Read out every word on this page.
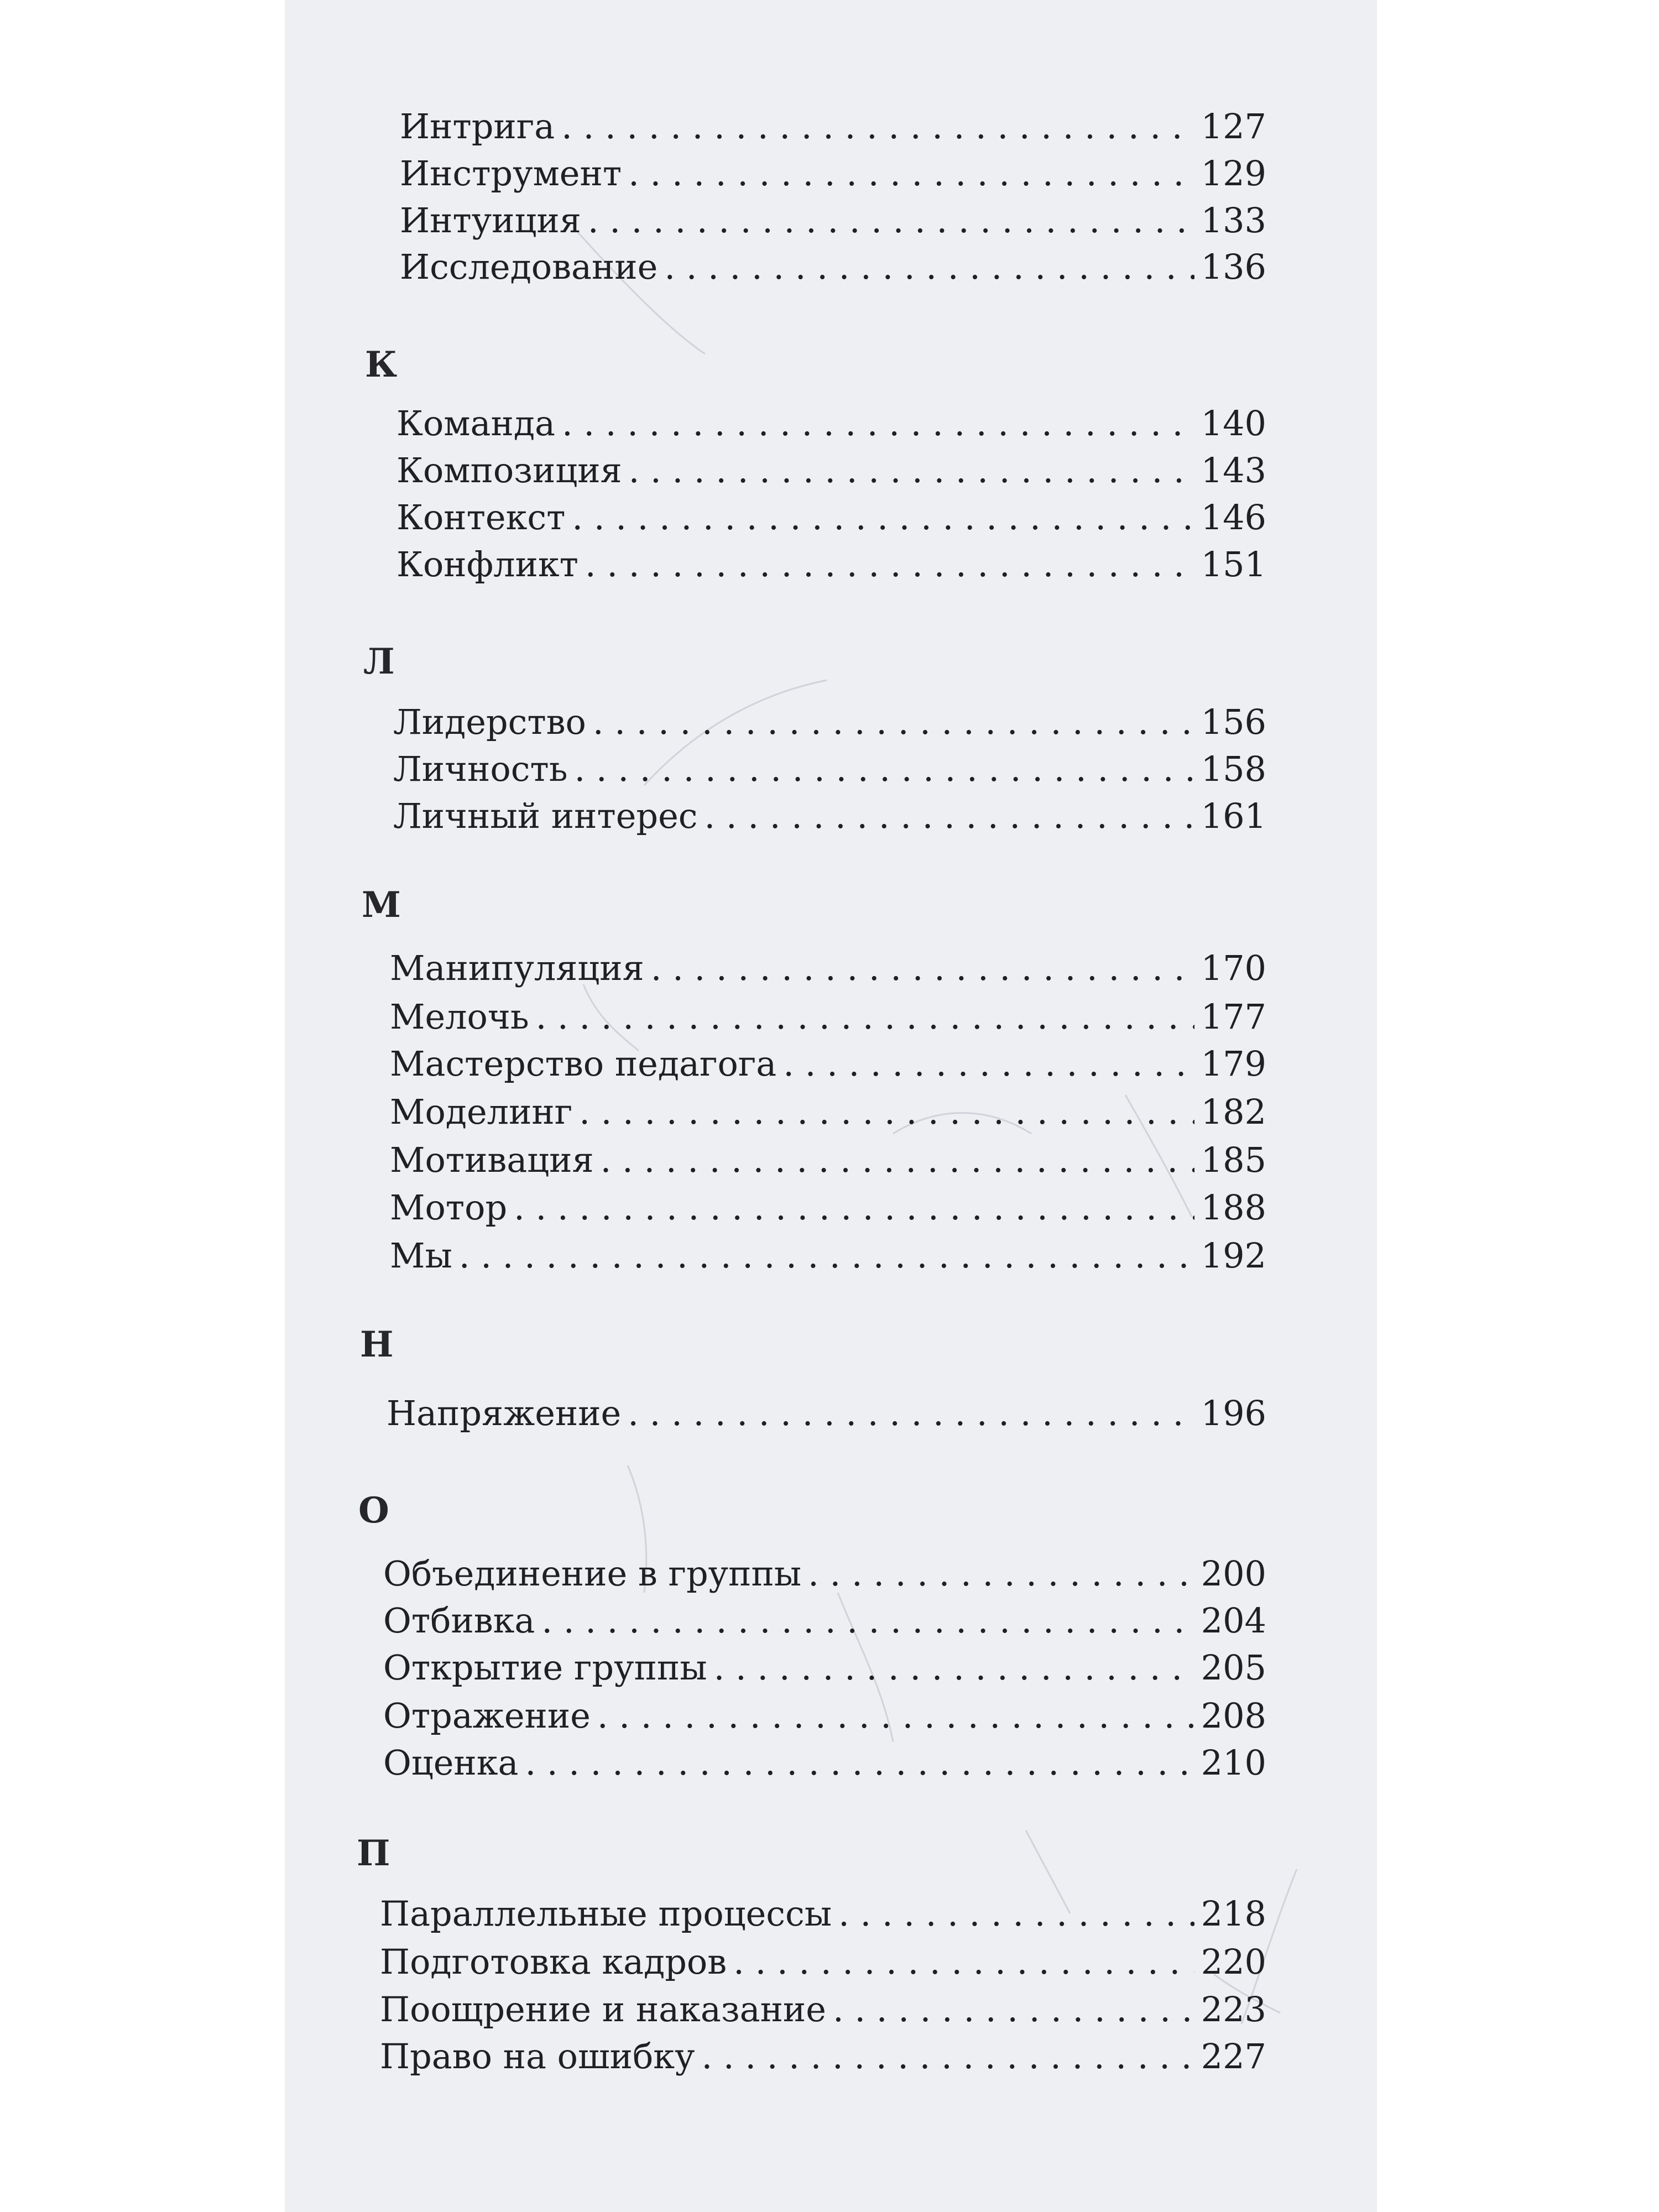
Интрига . . .	127
Инструмент . . .	129
Интуиция . . .	133
Исследование . . .	136
К
Команда . . .	140
Композиция . . .	143
Контекст . . .	146
Конфликт . . .	151
Л
Лидерство . . .	156
Личность . . .	158
Личный интерес . . .	161
М
Манипуляция . . .	170
Мелочь . . .	177
Мастерство педагога . . .	179
Моделинг . . .	182
Мотивация . . .	185
Мотор . . .	188
Мы . . .	192
Н
Напряжение . . .	196
О
Объединение в группы . . .	200
Отбивка . . .	204
Открытие группы . . .	205
Отражение . . .	208
Оценка . . .	210
П
Параллельные процессы . . .	218
Подготовка кадров . . .	220
Поощрение и наказание . . .	223
Право на ошибку . . .	227
